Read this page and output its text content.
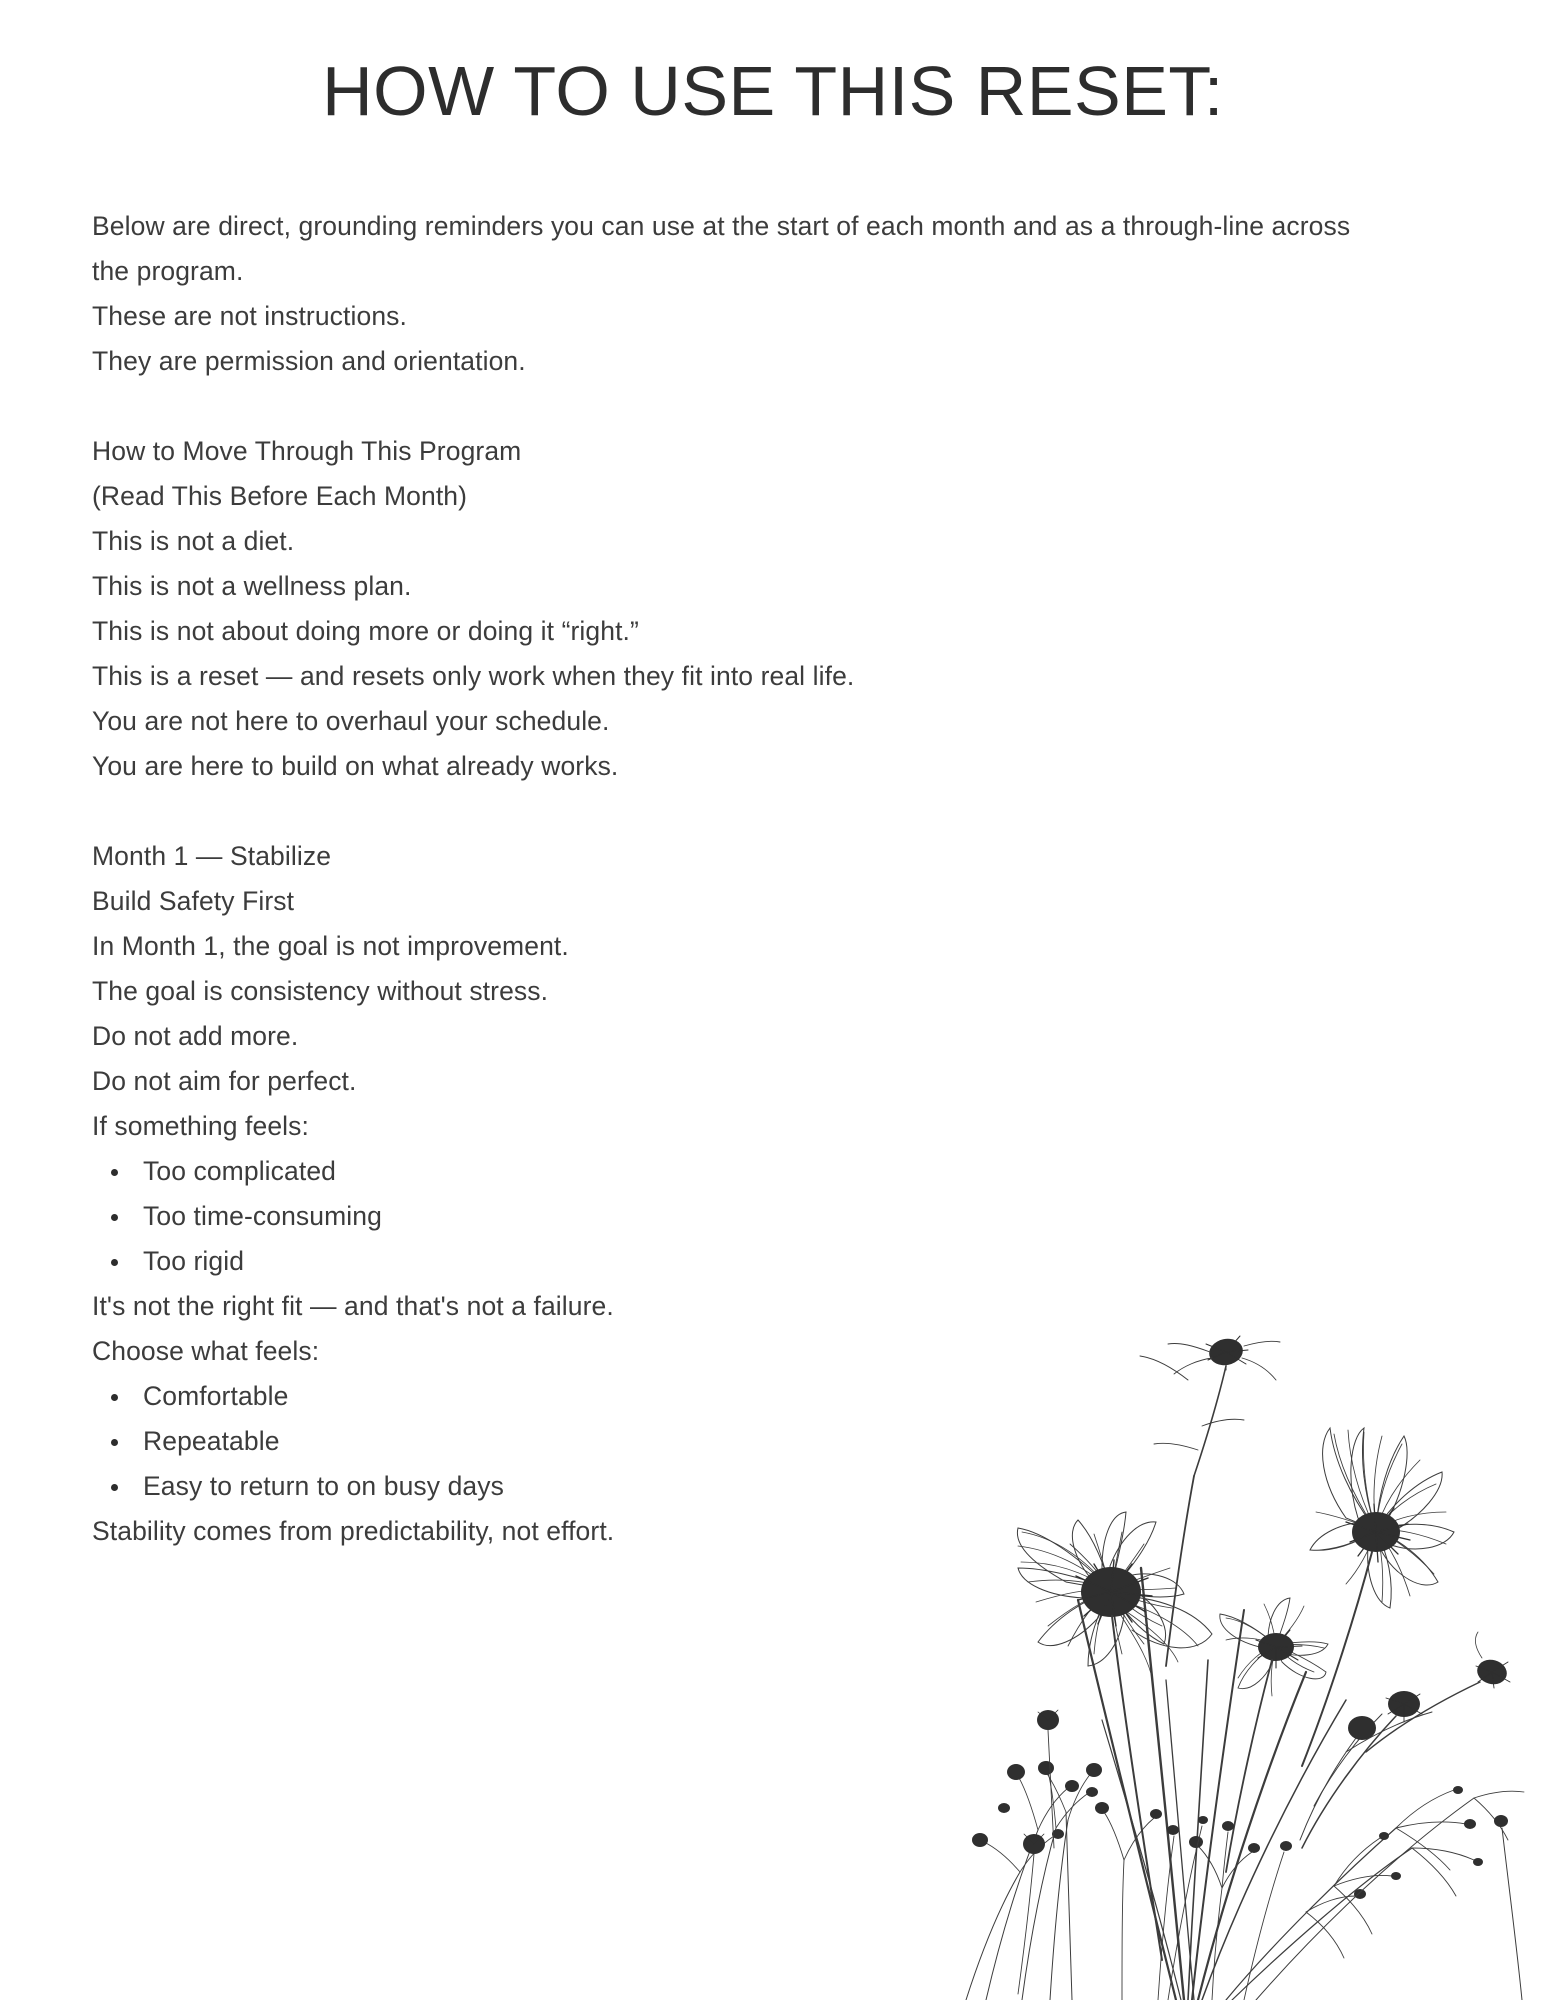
HOW TO USE THIS RESET:

Below are direct, grounding reminders you can use at the start of each month and as a through-line across the program.

These are not instructions.

They are permission and orientation.

How to Move Through This Program

(Read This Before Each Month)

This is not a diet.

This is not a wellness plan.

This is not about doing more or doing it “right.”

This is a reset — and resets only work when they fit into real life.

You are not here to overhaul your schedule.

You are here to build on what already works.

Month 1 — Stabilize

Build Safety First

In Month 1, the goal is not improvement.

The goal is consistency without stress.

Do not add more.

Do not aim for perfect.

If something feels:

Too complicated
Too time-consuming
Too rigid

It's not the right fit — and that's not a failure.

Choose what feels:

Comfortable
Repeatable
Easy to return to on busy days

Stability comes from predictability, not effort.
